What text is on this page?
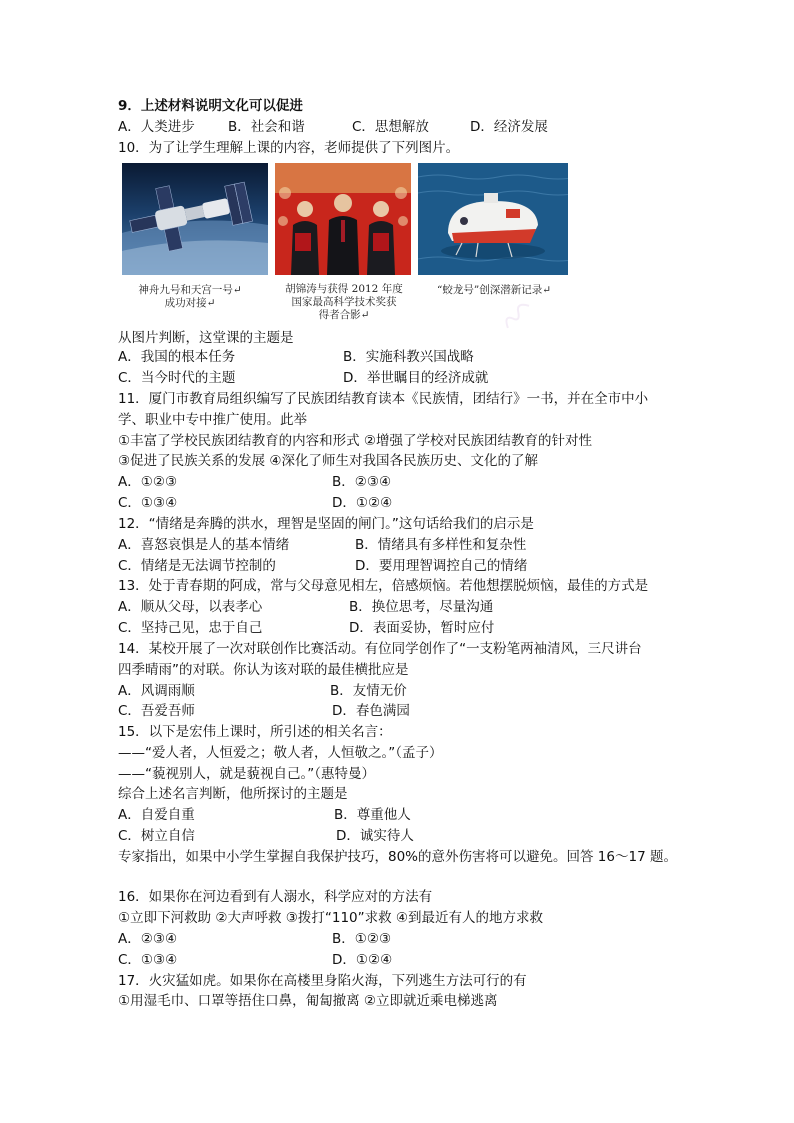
9．上述材料说明文化可以促进
A．人类进步 B．社会和谐	C．思想解放	D．经济发展
10．为了让学生理解上课的内容，老师提供了下列图片。
神舟九号和天宫一号↵
成功对接↵
胡锦涛与获得 2012 年度
国家最高科学技术奖获
得者合影↵
“蛟龙号”创深潜新记录↵
从图片判断，这堂课的主题是
A．我国的根本任务	B．实施科教兴国战略
C．当今时代的主题	D．举世瞩目的经济成就
11．厦门市教育局组织编写了民族团结教育读本《民族情，团结行》一书，并在全市中小
学、职业中专中推广使用。此举
①丰富了学校民族团结教育的内容和形式 ②增强了学校对民族团结教育的针对性
③促进了民族关系的发展 ④深化了师生对我国各民族历史、文化的了解
A．①②③	B．②③④
C．①③④	D．①②④
12．“情绪是奔腾的洪水，理智是坚固的闸门。”这句话给我们的启示是
A．喜怒哀惧是人的基本情绪	B．情绪具有多样性和复杂性
C．情绪是无法调节控制的	D．要用理智调控自己的情绪
13．处于青春期的阿成，常与父母意见相左，倍感烦恼。若他想摆脱烦恼，最佳的方式是
A．顺从父母，以表孝心	B．换位思考，尽量沟通
C．坚持己见，忠于自己	D．表面妥协，暂时应付
14．某校开展了一次对联创作比赛活动。有位同学创作了“一支粉笔两袖清风，三尺讲台
四季晴雨”的对联。你认为该对联的最佳横批应是
A．风调雨顺	B．友情无价
C．吾爱吾师	D．春色满园
15．以下是宏伟上课时，所引述的相关名言：
——“爱人者，人恒爱之；敬人者，人恒敬之。”（孟子）
——“藐视别人，就是藐视自己。”（惠特曼）
综合上述名言判断，他所探讨的主题是
A．自爱自重	B．尊重他人
C．树立自信	D．诚实待人
专家指出，如果中小学生掌握自我保护技巧，80%的意外伤害将可以避免。回答 16～17 题。
16．如果你在河边看到有人溺水，科学应对的方法有
①立即下河救助 ②大声呼救 ③拨打“110”求救 ④到最近有人的地方求救
A．②③④	B．①②③
C．①③④	D．①②④
17．火灾猛如虎。如果你在高楼里身陷火海，下列逃生方法可行的有
①用湿毛巾、口罩等捂住口鼻，匍匐撤离 ②立即就近乘电梯逃离
